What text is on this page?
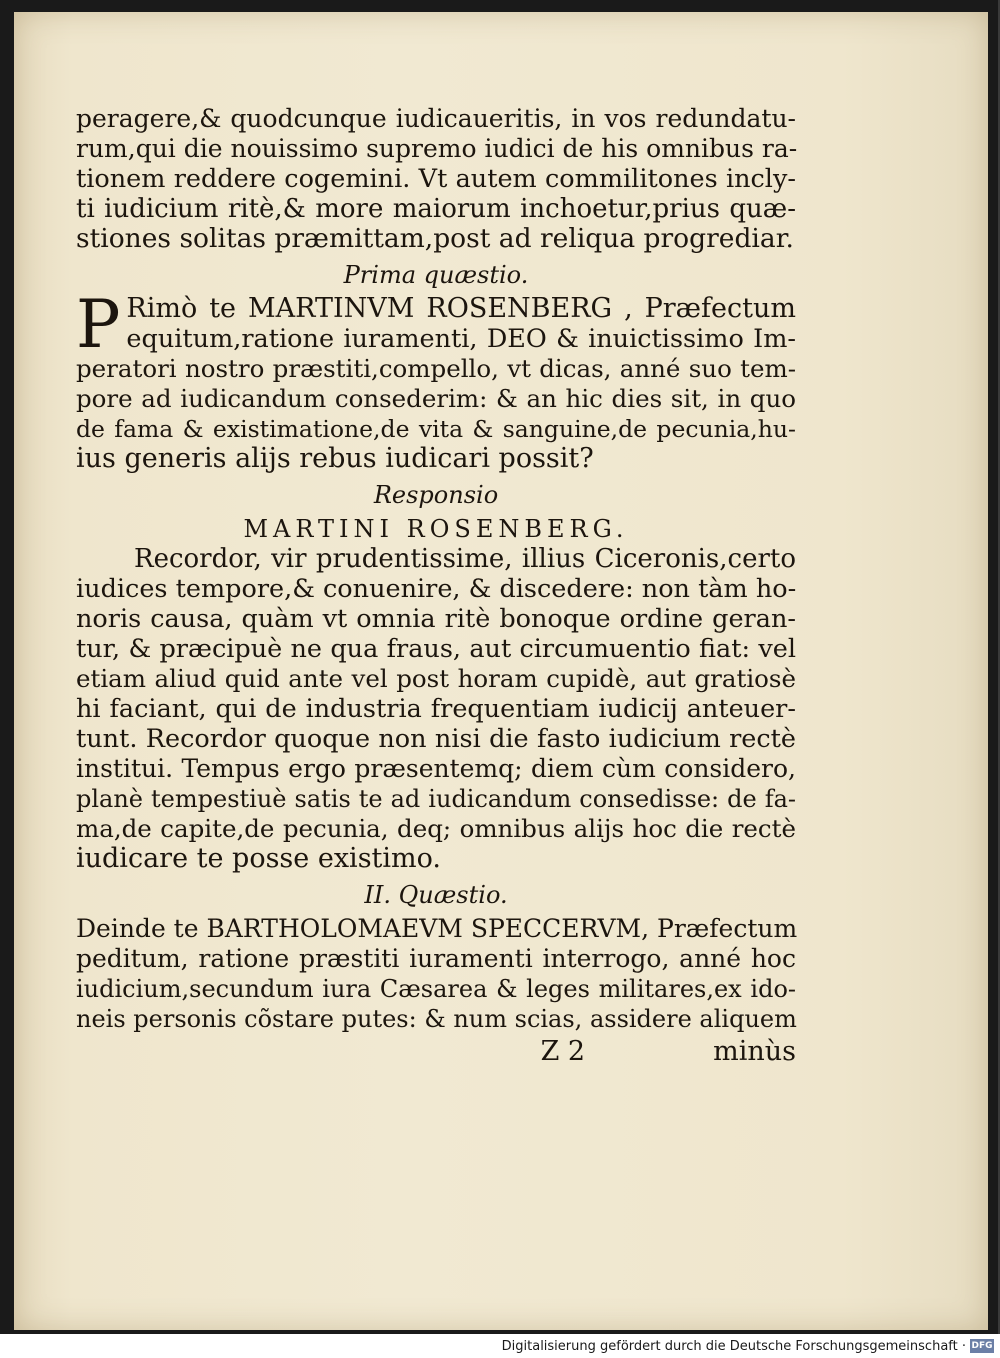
peragere,& quodcunque iudicaueritis, in vos redundatu-
rum,qui die nouissimo supremo iudici de his omnibus ra-
tionem reddere cogemini. Vt autem commilitones incly-
ti iudicium ritè,& more maiorum inchoetur,prius quæ-
stiones solitas præmittam,post ad reliqua progrediar.
Prima quæstio.
P Rimò te MARTINVM ROSENBERG , Præfectum
equitum,ratione iuramenti, DEO & inuictissimo Im-
peratori nostro præstiti,compello, vt dicas, anné suo tem-
pore ad iudicandum consederim: & an hic dies sit, in quo
de fama & existimatione,de vita & sanguine,de pecunia,hu-
ius generis alijs rebus iudicari possit?
Responsio
MARTINI ROSENBERG.
Recordor, vir prudentissime, illius Ciceronis,certo
iudices tempore,& conuenire, & discedere: non tàm ho-
noris causa, quàm vt omnia ritè bonoque ordine geran-
tur, & præcipuè ne qua fraus, aut circumuentio fiat: vel
etiam aliud quid ante vel post horam cupidè, aut gratiosè
hi faciant, qui de industria frequentiam iudicij anteuer-
tunt. Recordor quoque non nisi die fasto iudicium rectè
institui. Tempus ergo præsentemq; diem cùm considero,
planè tempestiuè satis te ad iudicandum consedisse: de fa-
ma,de capite,de pecunia, deq; omnibus alijs hoc die rectè
iudicare te posse existimo.
II. Quæstio.
Deinde te BARTHOLOMAEVM SPECCERVM, Præfectum
peditum, ratione præstiti iuramenti interrogo, anné hoc
iudicium,secundum iura Cæsarea & leges militares,ex ido-
neis personis cõstare putes: & num scias, assidere aliquem
Z 2	minùs
Digitalisierung gefördert durch die Deutsche Forschungsgemeinschaft · DFG
